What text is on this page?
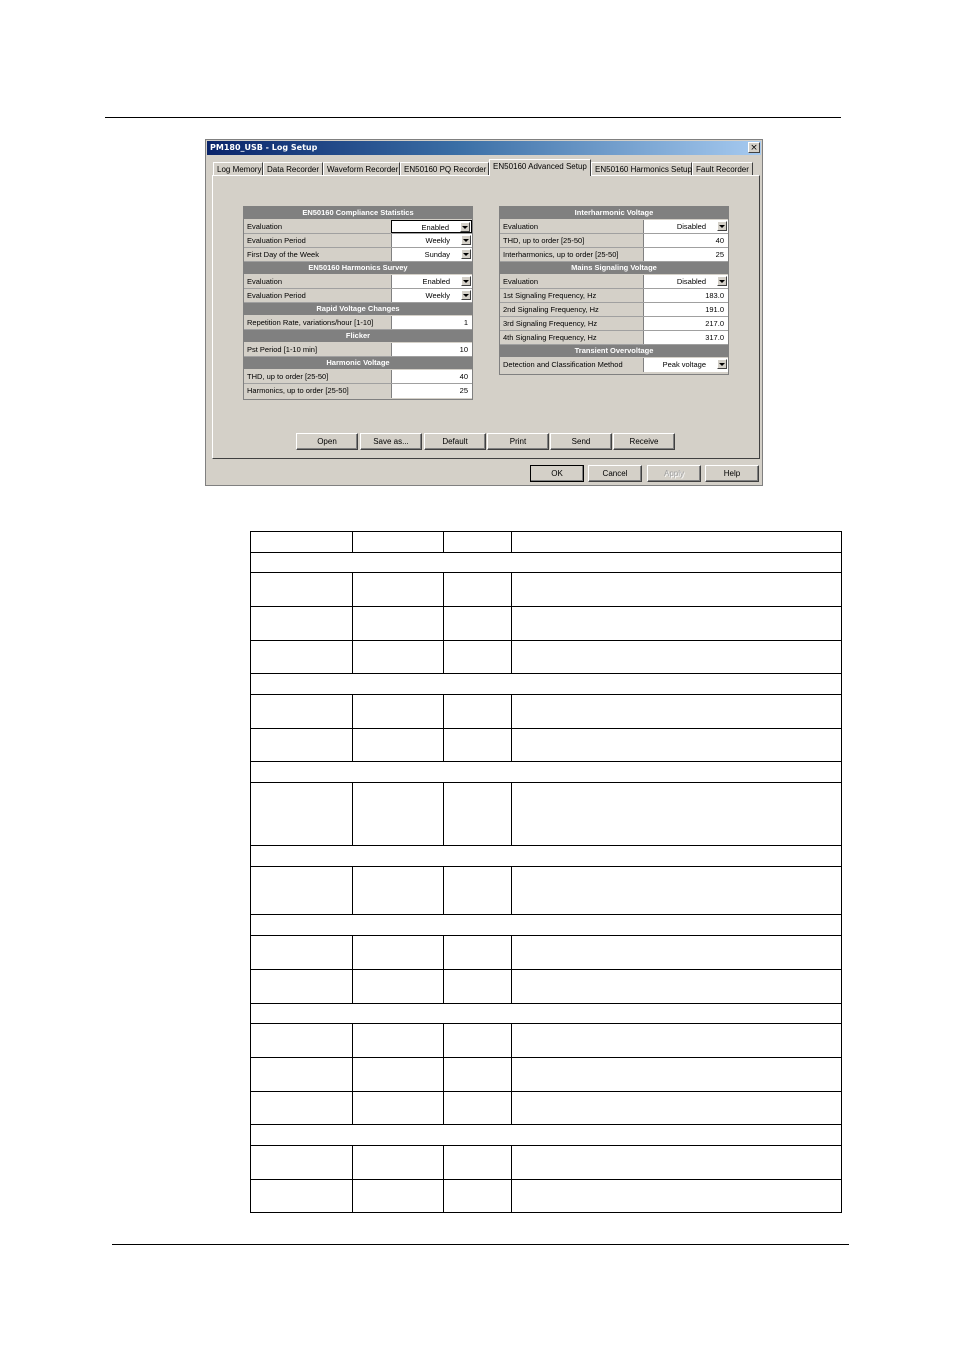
PM180_USB - Log Setup	×
Log Memory Data Recorder Waveform Recorder EN50160 PQ Recorder EN50160 Advanced Setup	EN50160 Harmonics Setup Fault Recorder
EN50160 Compliance Statistics
Evaluation	Enabled
Evaluation Period	Weekly
First Day of the Week	Sunday
EN50160 Harmonics Survey
Evaluation	Enabled
Evaluation Period	Weekly
Rapid Voltage Changes
Repetition Rate, variations/hour [1-10]	1
Flicker
Pst Period [1-10 min]	10
Harmonic Voltage
THD, up to order [25-50]	40
Harmonics, up to order [25-50]	25
Interharmonic Voltage
Evaluation	Disabled
THD, up to order [25-50]	40
Interharmonics, up to order [25-50]	25
Mains Signaling Voltage
Evaluation	Disabled
1st Signaling Frequency, Hz	183.0
2nd Signaling Frequency, Hz	191.0
3rd Signaling Frequency, Hz	217.0
4th Signaling Frequency, Hz	317.0
Transient Overvoltage
Detection and Classification Method	Peak voltage
Open	Save as...	Default	Print	Send	Receive
OK	Cancel	Apply	Help
